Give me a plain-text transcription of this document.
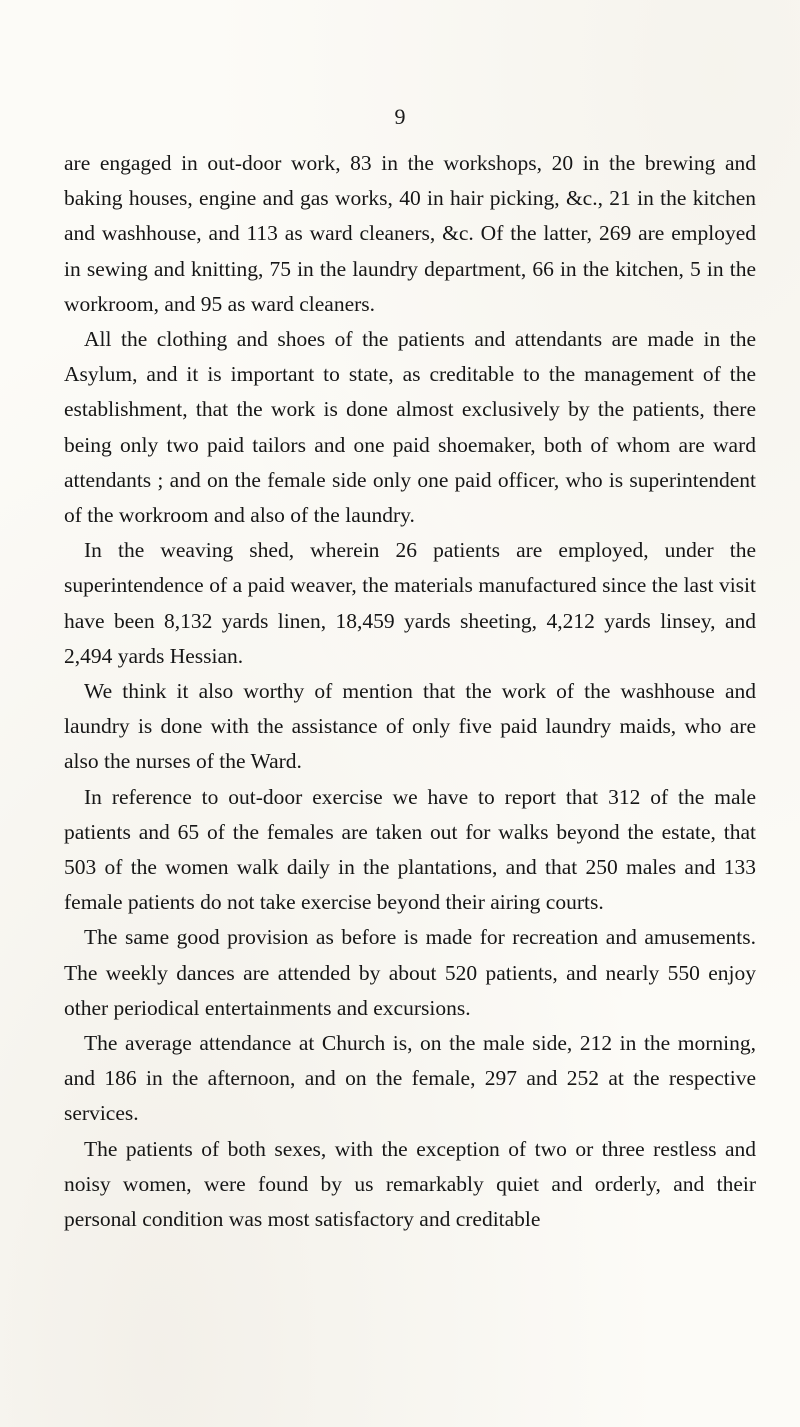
9

are engaged in out-door work, 83 in the workshops, 20 in the brewing and baking houses, engine and gas works, 40 in hair picking, &c., 21 in the kitchen and washhouse, and 113 as ward cleaners, &c. Of the latter, 269 are employed in sewing and knitting, 75 in the laundry department, 66 in the kitchen, 5 in the workroom, and 95 as ward cleaners.

All the clothing and shoes of the patients and attendants are made in the Asylum, and it is important to state, as creditable to the management of the establishment, that the work is done almost exclusively by the patients, there being only two paid tailors and one paid shoemaker, both of whom are ward attendants ; and on the female side only one paid officer, who is superintendent of the workroom and also of the laundry.

In the weaving shed, wherein 26 patients are employed, under the superintendence of a paid weaver, the materials manufactured since the last visit have been 8,132 yards linen, 18,459 yards sheeting, 4,212 yards linsey, and 2,494 yards Hessian.

We think it also worthy of mention that the work of the washhouse and laundry is done with the assistance of only five paid laundry maids, who are also the nurses of the Ward.

In reference to out-door exercise we have to report that 312 of the male patients and 65 of the females are taken out for walks beyond the estate, that 503 of the women walk daily in the plantations, and that 250 males and 133 female patients do not take exercise beyond their airing courts.

The same good provision as before is made for recreation and amusements. The weekly dances are attended by about 520 patients, and nearly 550 enjoy other periodical entertainments and excursions.

The average attendance at Church is, on the male side, 212 in the morning, and 186 in the afternoon, and on the female, 297 and 252 at the respective services.

The patients of both sexes, with the exception of two or three restless and noisy women, were found by us remarkably quiet and orderly, and their personal condition was most satisfactory and creditable
